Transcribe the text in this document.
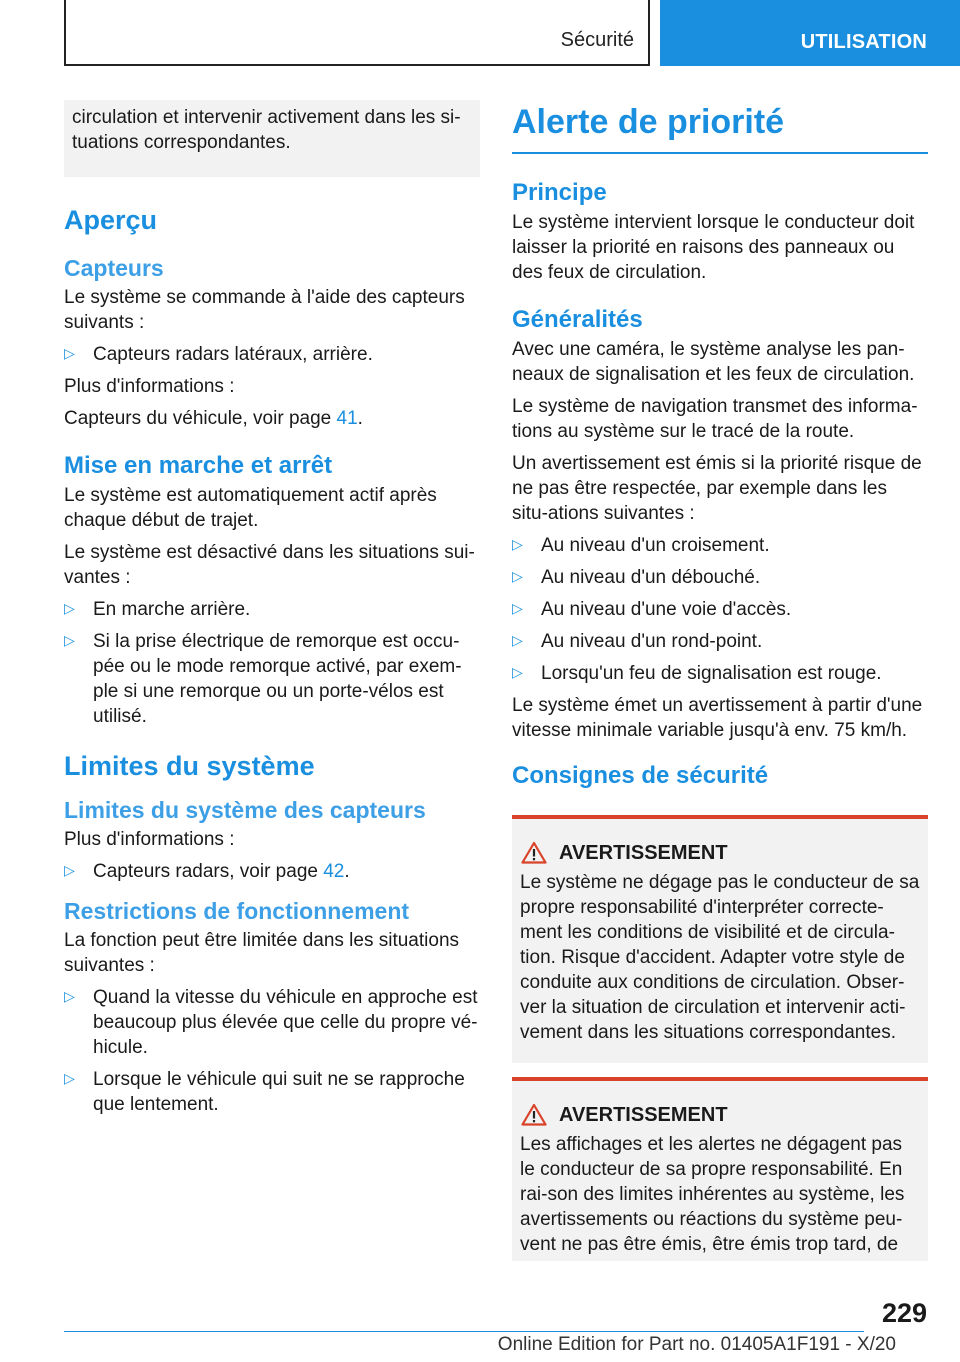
Sécurité	UTILISATION

circulation et intervenir activement dans les si-tuations correspondantes.

Aperçu
Capteurs

Le système se commande à l'aide des capteurs suivants :

▷ Capteurs radars latéraux, arrière.

Plus d'informations :

Capteurs du véhicule, voir page 41.

Mise en marche et arrêt

Le système est automatiquement actif après chaque début de trajet.

Le système est désactivé dans les situations sui-vantes :

▷ En marche arrière.
▷ Si la prise électrique de remorque est occu-pée ou le mode remorque activé, par exem-ple si une remorque ou un porte-vélos est utilisé.
Limites du système
Limites du système des capteurs

Plus d'informations :

▷ Capteurs radars, voir page 42.
Restrictions de fonctionnement

La fonction peut être limitée dans les situations suivantes :

▷ Quand la vitesse du véhicule en approche est beaucoup plus élevée que celle du propre vé-hicule.
▷ Lorsque le véhicule qui suit ne se rapproche que lentement.
Alerte de priorité
Principe

Le système intervient lorsque le conducteur doit laisser la priorité en raisons des panneaux ou des feux de circulation.

Généralités

Avec une caméra, le système analyse les pan-neaux de signalisation et les feux de circulation.

Le système de navigation transmet des informa-tions au système sur le tracé de la route.

Un avertissement est émis si la priorité risque de ne pas être respectée, par exemple dans les situ-ations suivantes :

▷ Au niveau d'un croisement.
▷ Au niveau d'un débouché.
▷ Au niveau d'une voie d'accès.
▷ Au niveau d'un rond-point.
▷ Lorsqu'un feu de signalisation est rouge.

Le système émet un avertissement à partir d'une vitesse minimale variable jusqu'à env. 75 km/h.

Consignes de sécurité
AVERTISSEMENT

Le système ne dégage pas le conducteur de sa propre responsabilité d'interpréter correcte-ment les conditions de visibilité et de circula-tion. Risque d'accident. Adapter votre style de conduite aux conditions de circulation. Obser-ver la situation de circulation et intervenir acti-vement dans les situations correspondantes.

AVERTISSEMENT

Les affichages et les alertes ne dégagent pas le conducteur de sa propre responsabilité. En rai-son des limites inhérentes au système, les avertissements ou réactions du système peu-vent ne pas être émis, être émis trop tard, de

229
Online Edition for Part no. 01405A1F191 - X/20
